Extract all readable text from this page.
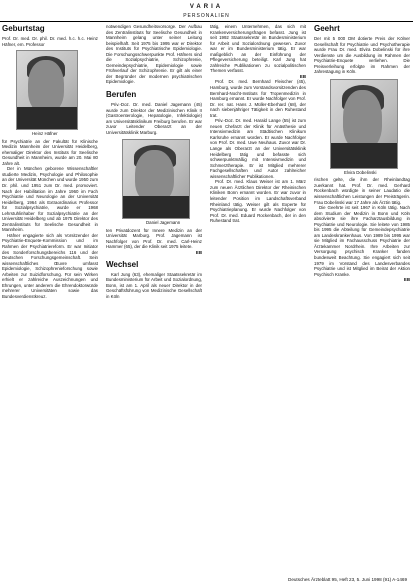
VARIA
PERSONALIEN
Geburtstag

Prof. Dr. med. Dr. phil. Dr. med. h.c. h.c. Heinz Häfner, em. Professor

Heinz Häfner

für Psychiatrie an der Fakultät für Klinische Medizin Mannheim der Universität Heidelberg, ehemaliger Direktor des Instituts für Seelische Gesundheit in Mannheim, wurde am 20. Mai 80 Jahre alt.

Der in München geborene Wissenschaftler studierte Medizin, Psychologie und Philosophie an der Universität München und wurde 1950 zum Dr. phil. und 1951 zum Dr. med. promoviert. Nach der Habilitation im Jahre 1960 im Fach Psychiatrie und Neurologie an der Universität Heidelberg, 1964 als Extraordinarius Professor für Sozialpsychiatrie, wurde er 1968 Lehrstuhlinhaber für Sozialpsychiatrie an der Universität Heidelberg und ab 1975 Direktor des Zentralinstituts für Seelische Gesundheit in Mannheim.

Häfner engagierte sich als Vorsitzender der Psychiatrie-Enquete-Kommission und im Rahmen der Psychiatriereform. Er war Initiator des Sonderforschungsbereichs 116 und der Deutschen Forschungsgemeinschaft. Sein wissenschaftliches Œuvre umfasst Epidemiologie, Schizophrenieforschung sowie Arbeiten zur Suizidforschung. Für sein Wirken erhielt er zahlreiche Auszeichnungen und Ehrungen, unter anderem die Ehrendoktorwürde mehrerer Universitäten sowie das Bundesverdienstkreuz.

notwendigen Gesundheitsvorsorge. Der Aufbau des Zentralinstituts für Seelische Gesundheit in Mannheim gelang unter seiner Leitung beispielhaft. Seit 1975 bis 1995 war er Direktor des Instituts für Psychiatrische Epidemiologie. Die Forschungsschwerpunkte Prof. Häfners sind die Sozialpsychiatrie, Schizophrenie, Gemeindepsychiatrie, Epidemiologie sowie Frühverlauf der Schizophrenie. Er gilt als einer der Begründer der modernen psychiatrischen Epidemiologie.

Berufen

Priv.-Doz. Dr. med. Daniel Jagemann (45) wurde zum Direktor der Medizinischen Klinik II (Gastroenterologie, Hepatologie, Infektiologie) am Universitätsklinikum Freiburg berufen. Er war zuvor Leitender Oberarzt an der Universitätsklinik Marburg.

Daniel Jagemann

ten Privatdozent für Innere Medizin an der Universität Marburg. Prof. Jagemann ist Nachfolger von Prof. Dr. med. Carl-Heinz Hammer (65), der die Klinik seit 1975 leitete.

EB
Wechsel

Karl Jung (63), ehemaliger Staatssekretär im Bundesministerium für Arbeit und Sozialordnung, Bonn, ist am 1. April als neuer Direktor in der Geschäftsführung von Medizinische Gesellschaft in Köln

tätig, einem Unternehmen, das sich mit Krankenversicherungsfragen befasst. Jung ist seit 1992 Staatssekretär im Bundesministerium für Arbeit und Sozialordnung gewesen. Zuvor war er im Bundesministerium tätig. Er war maßgeblich an der Einführung der Pflegeversicherung beteiligt. Karl Jung hat zahlreiche Publikationen zu sozialpolitischen Themen verfasst.

EB

Prof. Dr. med. Bernhard Fleischer (45), Hamburg, wurde zum Vorstandsvorsitzenden des Bernhard-Nocht-Instituts für Tropenmedizin in Hamburg ernannt. Er wurde Nachfolger von Prof. Dr. rer. nat. Hans J. Müller-Eberhard (68), der nach siebenjähriger Tätigkeit in den Ruhestand trat.

Priv.-Doz. Dr. med. Harald Lange (55) ist zum neuen Chefarzt der Klinik für Anästhesie und Intensivmedizin am Städtischen Klinikum Karlsruhe ernannt worden. Er wurde Nachfolger von Prof. Dr. med. Uwe Neuhaus. Zuvor war Dr. Lange als Oberarzt an der Universitätsklinik Heidelberg tätig und befasste sich schwerpunktmäßig mit Intensivmedizin und Schmerztherapie. Er ist Mitglied mehrerer Fachgesellschaften und Autor zahlreicher wissenschaftlicher Publikationen.

Prof. Dr. med. Klaus Weiser ist am 1. März zum neuen Ärztlichen Direktor der Rheinischen Kliniken Bonn ernannt worden. Er war zuvor in leitender Position im Landschaftsverband Rheinland tätig. Weiser gilt als Experte für Psychiatrieplanung. Er wurde Nachfolger von Prof. Dr. med. Eduard Rockenbach, der in den Ruhestand trat.

Geehrt

Der mit 5 000 DM dotierte Preis der Kölner Gesellschaft für Psychiatrie und Psychotherapie wurde Frau Dr. med. Elvira Dobelinski für ihre Verdienste um die Ausbildung im Rahmen der Psychiatrie-Enquete verliehen. Die Preisverleihung erfolgte im Rahmen der Jahrestagung in Köln.

Elvira Dobelinski

rischen gelte, die ihm der Rheinlandtag zuerkannt hat. Prof. Dr. med. Gerhard Rockenbach würdigte in seiner Laudatio die wissenschaftlichen Leistungen der Preisträgerin. Frau Dobelinski war 17 Jahre als Ärztin tätig.

Die Geehrte ist seit 1967 in Köln tätig. Nach dem Studium der Medizin in Bonn und Köln absolvierte sie ihre Facharztausbildung in Psychiatrie und Neurologie. Sie leitete von 1985 bis 1995 die Abteilung für Gemeindepsychiatrie am Landeskrankenhaus. Von 1989 bis 1995 war sie Mitglied im Fachausschuss Psychiatrie der Ärztekammer Nordrhein. Ihre Arbeiten zur Versorgung psychisch Kranker fanden bundesweit Beachtung. Sie engagiert sich seit 1979 im Vorstand des Landesverbandes Psychiatrie und ist Mitglied im Beirat der Aktion Psychisch Kranke.

EB
Deutsches Ärzteblatt 95, Heft 23, 5. Juni 1998 (91) A-1469
